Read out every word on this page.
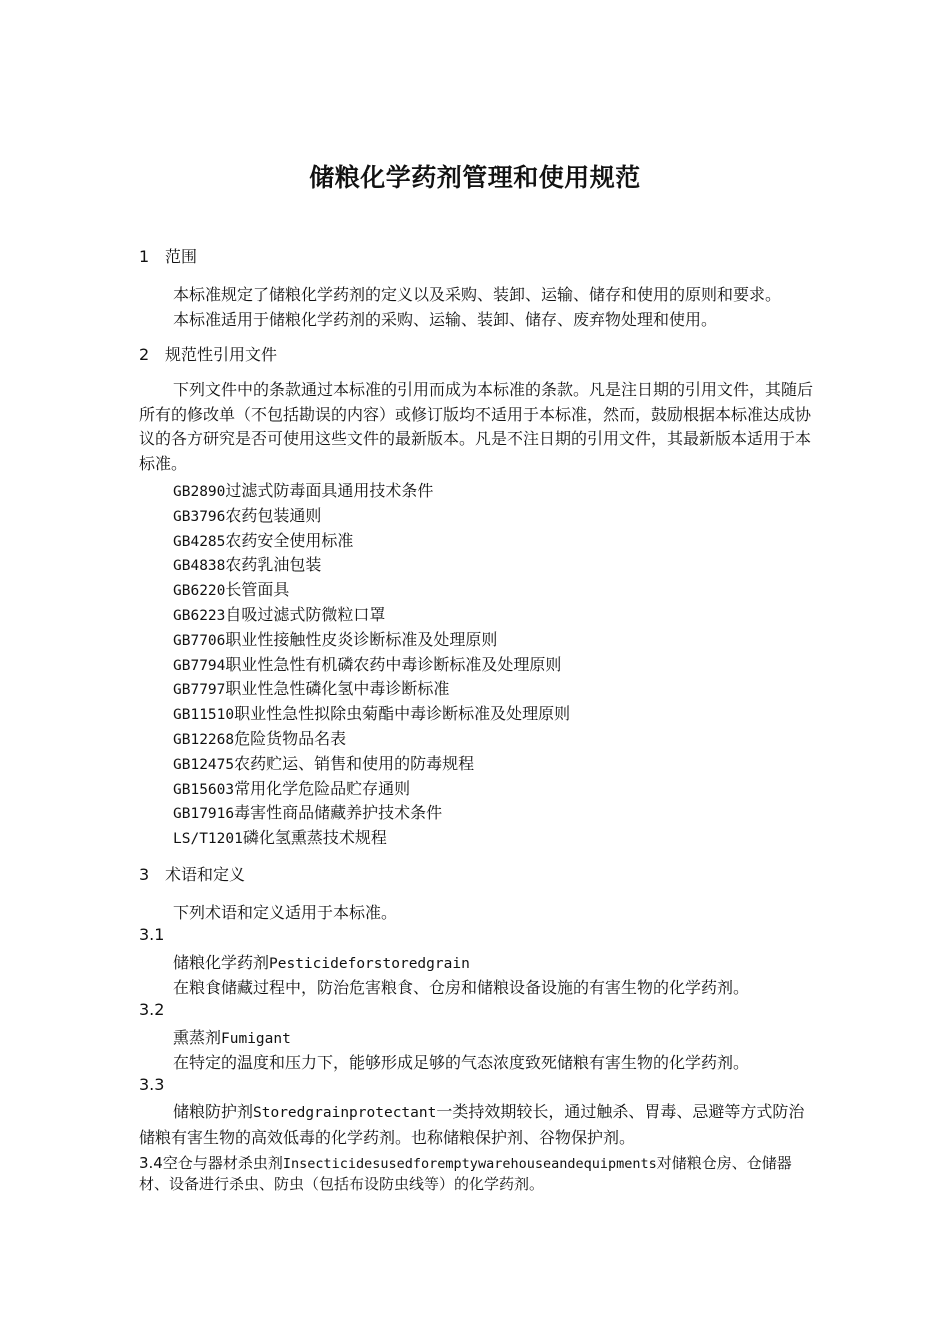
储粮化学药剂管理和使用规范
1 范围
本标准规定了储粮化学药剂的定义以及采购、装卸、运输、储存和使用的原则和要求。
本标准适用于储粮化学药剂的采购、运输、装卸、储存、废弃物处理和使用。
2 规范性引用文件
下列文件中的条款通过本标准的引用而成为本标准的条款。凡是注日期的引用文件，其随后所有的修改单（不包括勘误的内容）或修订版均不适用于本标准，然而，鼓励根据本标准达成协议的各方研究是否可使用这些文件的最新版本。凡是不注日期的引用文件，其最新版本适用于本标准。
GB2890过滤式防毒面具通用技术条件
GB3796农药包装通则
GB4285农药安全使用标准
GB4838农药乳油包装
GB6220长管面具
GB6223自吸过滤式防微粒口罩
GB7706职业性接触性皮炎诊断标准及处理原则
GB7794职业性急性有机磷农药中毒诊断标准及处理原则
GB7797职业性急性磷化氢中毒诊断标准
GB11510职业性急性拟除虫菊酯中毒诊断标准及处理原则
GB12268危险货物品名表
GB12475农药贮运、销售和使用的防毒规程
GB15603常用化学危险品贮存通则
GB17916毒害性商品储藏养护技术条件
LS/T1201磷化氢熏蒸技术规程
3 术语和定义
下列术语和定义适用于本标准。
3.1
储粮化学药剂Pesticideforstoredgrain
在粮食储藏过程中，防治危害粮食、仓房和储粮设备设施的有害生物的化学药剂。
3.2
熏蒸剂Fumigant
在特定的温度和压力下，能够形成足够的气态浓度致死储粮有害生物的化学药剂。
3.3
储粮防护剂Storedgrainprotectant一类持效期较长，通过触杀、胃毒、忌避等方式防治储粮有害生物的高效低毒的化学药剂。也称储粮保护剂、谷物保护剂。
3.4空仓与器材杀虫剂Insecticidesusedforemptywarehouseandequipments对储粮仓房、仓储器材、设备进行杀虫、防虫（包括布设防虫线等）的化学药剂。
